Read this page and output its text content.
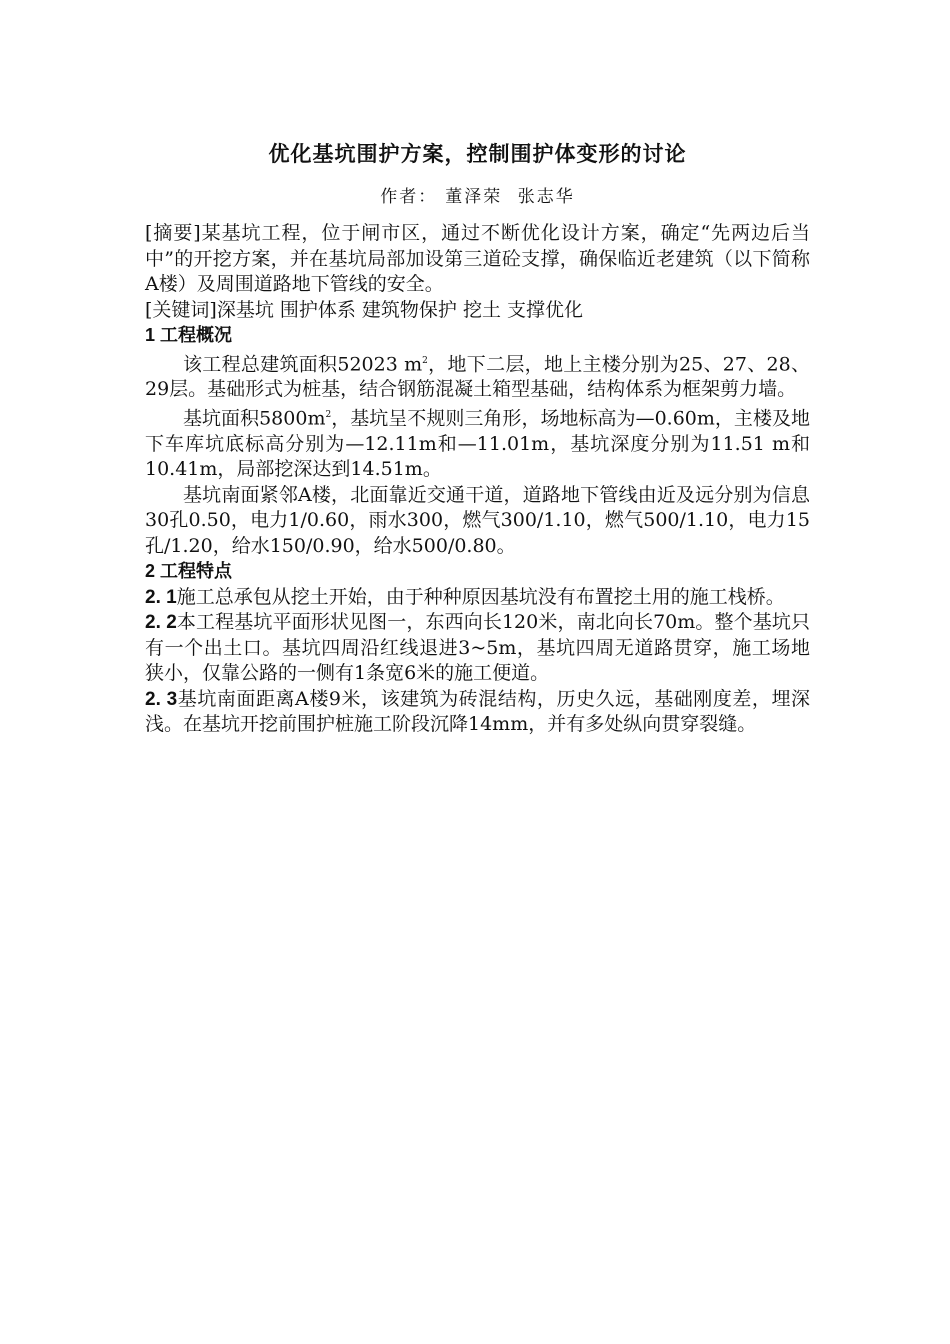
优化基坑围护方案，控制围护体变形的讨论
作者： 董泽荣 张志华

[摘要]某基坑工程，位于闸市区，通过不断优化设计方案，确定“先两边后当中”的开挖方案，并在基坑局部加设第三道砼支撑，确保临近老建筑（以下简称A楼）及周围道路地下管线的安全。

[关键词]深基坑 围护体系 建筑物保护 挖土 支撑优化

1 工程概况

该工程总建筑面积52023 $m^2$，地下二层，地上主楼分别为25、27、28、29层。基础形式为桩基，结合钢筋混凝土箱型基础，结构体系为框架剪力墙。

基坑面积$5800m^2$，基坑呈不规则三角形，场地标高为—0.60m，主楼及地下车库坑底标高分别为—12.11m和—11.01m，基坑深度分别为11.51 m和10.41m，局部挖深达到14.51m。

基坑南面紧邻A楼，北面靠近交通干道，道路地下管线由近及远分别为信息30孔0.50，电力1/0.60，雨水300，燃气300/1.10，燃气500/1.10，电力15孔/1.20，给水150/0.90，给水500/0.80。

2 工程特点

2. 1施工总承包从挖土开始，由于种种原因基坑没有布置挖土用的施工栈桥。

2. 2本工程基坑平面形状见图一，东西向长120米，南北向长70m。整个基坑只有一个出土口。基坑四周沿红线退进3~5m，基坑四周无道路贯穿，施工场地狭小，仅靠公路的一侧有1条宽6米的施工便道。

2. 3基坑南面距离A楼9米，该建筑为砖混结构，历史久远，基础刚度差，埋深浅。在基坑开挖前围护桩施工阶段沉降14mm，并有多处纵向贯穿裂缝。
